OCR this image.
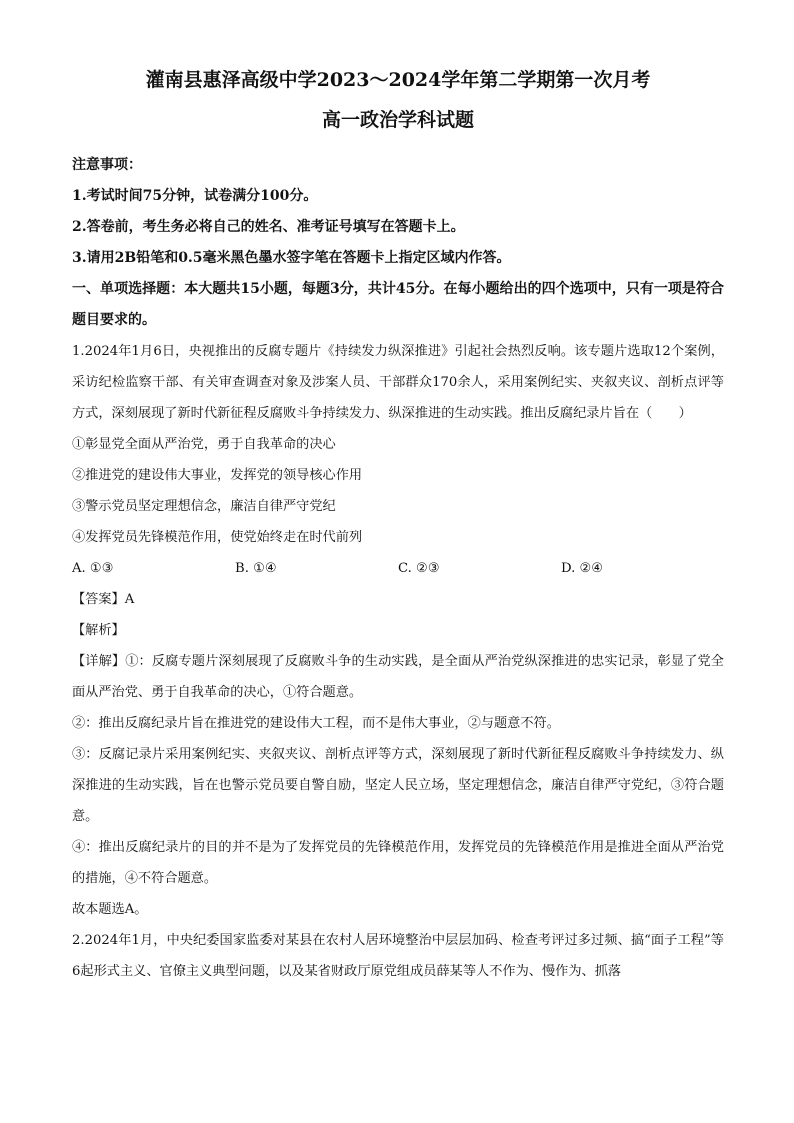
灌南县惠泽高级中学2023～2024学年第二学期第一次月考
高一政治学科试题
注意事项：
1.考试时间75分钟，试卷满分100分。
2.答卷前，考生务必将自己的姓名、准考证号填写在答题卡上。
3.请用2B铅笔和0.5毫米黑色墨水签字笔在答题卡上指定区域内作答。
一、单项选择题：本大题共15小题，每题3分，共计45分。在每小题给出的四个选项中，只有一项是符合题目要求的。
1.2024年1月6日，央视推出的反腐专题片《持续发力纵深推进》引起社会热烈反响。该专题片选取12个案例，采访纪检监察干部、有关审查调查对象及涉案人员、干部群众170余人，采用案例纪实、夹叙夹议、剖析点评等方式，深刻展现了新时代新征程反腐败斗争持续发力、纵深推进的生动实践。推出反腐纪录片旨在（　　）
①彰显党全面从严治党，勇于自我革命的决心
②推进党的建设伟大事业，发挥党的领导核心作用
③警示党员坚定理想信念，廉洁自律严守党纪
④发挥党员先锋模范作用，使党始终走在时代前列
A. ①③	B. ①④	C. ②③	D. ②④
【答案】A
【解析】
【详解】①：反腐专题片深刻展现了反腐败斗争的生动实践，是全面从严治党纵深推进的忠实记录，彰显了党全面从严治党、勇于自我革命的决心，①符合题意。
②：推出反腐纪录片旨在推进党的建设伟大工程，而不是伟大事业，②与题意不符。
③：反腐记录片采用案例纪实、夹叙夹议、剖析点评等方式，深刻展现了新时代新征程反腐败斗争持续发力、纵深推进的生动实践，旨在也警示党员要自警自励，坚定人民立场，坚定理想信念，廉洁自律严守党纪，③符合题意。
④：推出反腐纪录片的目的并不是为了发挥党员的先锋模范作用，发挥党员的先锋模范作用是推进全面从严治党的措施，④不符合题意。
故本题选A。
2.2024年1月，中央纪委国家监委对某县在农村人居环境整治中层层加码、检查考评过多过频、搞“面子工程”等6起形式主义、官僚主义典型问题，以及某省财政厅原党组成员薛某等人不作为、慢作为、抓落
